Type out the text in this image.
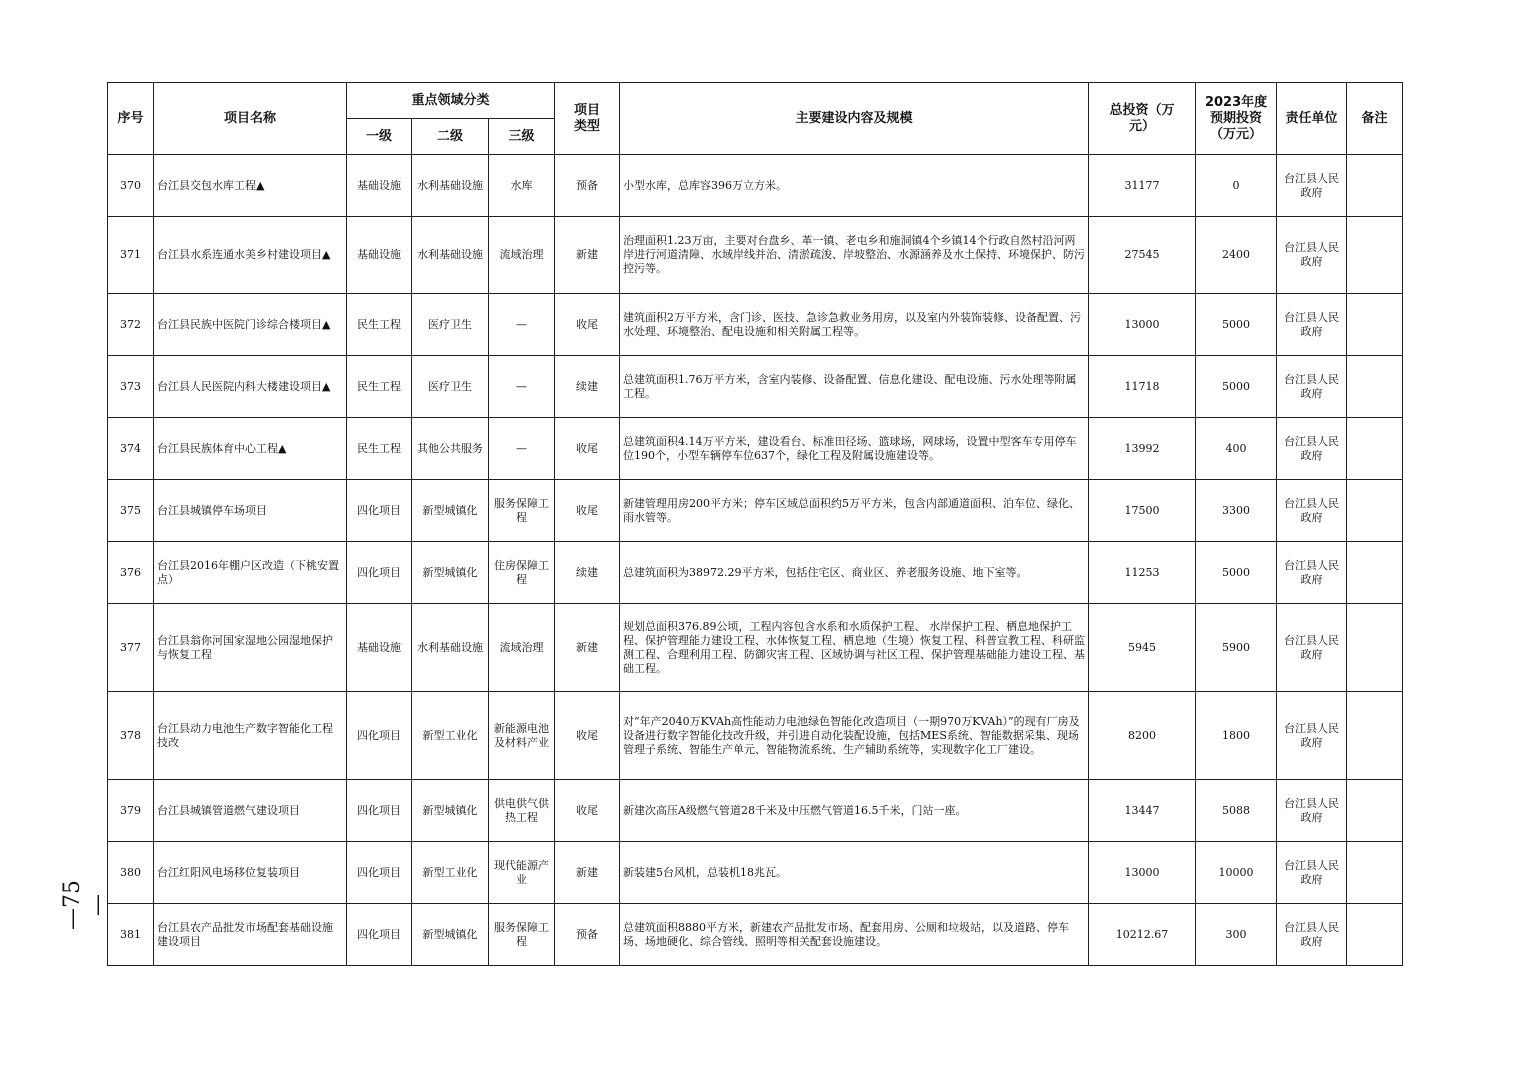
序号	项目名称	重点领域分类			项目类型	主要建设内容及规模	总投资（万元）	2023年度预期投资（万元）	责任单位	备注
		一级	二级	三级						
370	台江县交包水库工程▲	基础设施	水利基础设施	水库	预备	小型水库，总库容396万立方米。	31177	0	台江县人民政府	
371	台江县水系连通水美乡村建设项目▲	基础设施	水利基础设施	流域治理	新建	治理面积1.23万亩，主要对台盘乡、革一镇、老屯乡和施洞镇4个乡镇14个行政自然村沿河两岸进行河道清障、水域岸线并治、清淤疏浚、岸坡整治、水源涵养及水土保持、环境保护、防污控污等。	27545	2400	台江县人民政府	
372	台江县民族中医院门诊综合楼项目▲	民生工程	医疗卫生	—	收尾	建筑面积2万平方米，含门诊、医技、急诊急救业务用房，以及室内外装饰装修、设备配置、污水处理、环境整治、配电设施和相关附属工程等。	13000	5000	台江县人民政府	
373	台江县人民医院内科大楼建设项目▲	民生工程	医疗卫生	—	续建	总建筑面积1.76万平方米，含室内装修、设备配置、信息化建设、配电设施、污水处理等附属工程。	11718	5000	台江县人民政府	
374	台江县民族体育中心工程▲	民生工程	其他公共服务	—	收尾	总建筑面积4.14万平方米，建设看台、标准田径场、篮球场，网球场，设置中型客车专用停车位190个，小型车辆停车位637个，绿化工程及附属设施建设等。	13992	400	台江县人民政府	
375	台江县城镇停车场项目	四化项目	新型城镇化	服务保障工程	收尾	新建管理用房200平方米；停车区域总面积约5万平方米，包含内部通道面积、泊车位、绿化、雨水管等。	17500	3300	台江县人民政府	
376	台江县2016年棚户区改造（下桃安置点）	四化项目	新型城镇化	住房保障工程	续建	总建筑面积为38972.29平方米，包括住宅区、商业区、养老服务设施、地下室等。	11253	5000	台江县人民政府	
377	台江县翁你河国家湿地公园湿地保护与恢复工程	基础设施	水利基础设施	流域治理	新建	规划总面积376.89公顷，工程内容包含水系和水质保护工程、 水岸保护工程、栖息地保护工程、保护管理能力建设工程、水体恢复工程、栖息地（生境）恢复工程、科普宣教工程、科研监测工程、合理利用工程、防御灾害工程、区域协调与社区工程、保护管理基础能力建设工程、基础工程。	5945	5900	台江县人民政府	
378	台江县动力电池生产数字智能化工程技改	四化项目	新型工业化	新能源电池及材料产业	收尾	对“年产2040万KVAh高性能动力电池绿色智能化改造项目（一期970万KVAh）”的现有厂房及设备进行数字智能化技改升级，并引进自动化装配设施，包括MES系统、智能数据采集、现场管理子系统、智能生产单元、智能物流系统、生产辅助系统等，实现数字化工厂建设。	8200	1800	台江县人民政府	
379	台江县城镇管道燃气建设项目	四化项目	新型城镇化	供电供气供热工程	收尾	新建次高压A级燃气管道28千米及中压燃气管道16.5千米，门站一座。	13447	5088	台江县人民政府	
380	台江红阳风电场移位复装项目	四化项目	新型工业化	现代能源产业	新建	新装建5台风机，总装机18兆瓦。	13000	10000	台江县人民政府	
381	台江县农产品批发市场配套基础设施建设项目	四化项目	新型城镇化	服务保障工程	预备	总建筑面积8880平方米，新建农产品批发市场、配套用房、公厕和垃圾站，以及道路、停车场、场地硬化、综合管线、照明等相关配套设施建设。	10212.67	300	台江县人民政府	
—75—
